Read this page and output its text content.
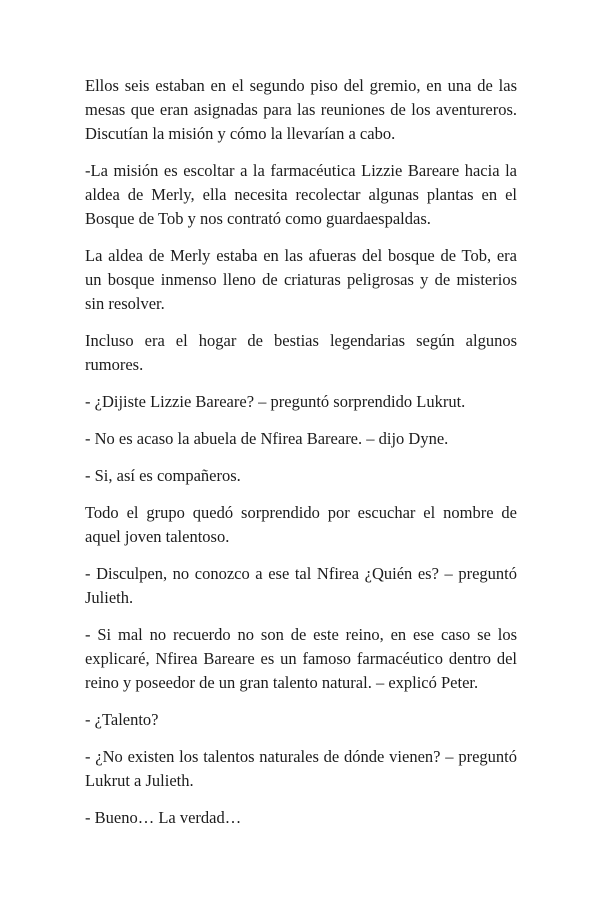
Ellos seis estaban en el segundo piso del gremio, en una de las mesas que eran asignadas para las reuniones de los aventureros. Discutían la misión y cómo la llevarían a cabo.

-La misión es escoltar a la farmacéutica Lizzie Bareare hacia la aldea de Merly, ella necesita recolectar algunas plantas en el Bosque de Tob y nos contrató como guardaespaldas.

La aldea de Merly estaba en las afueras del bosque de Tob, era un bosque inmenso lleno de criaturas peligrosas y de misterios sin resolver.

Incluso era el hogar de bestias legendarias según algunos rumores.

- ¿Dijiste Lizzie Bareare? – preguntó sorprendido Lukrut.

- No es acaso la abuela de Nfirea Bareare. – dijo Dyne.

- Si, así es compañeros.

Todo el grupo quedó sorprendido por escuchar el nombre de aquel joven talentoso.

- Disculpen, no conozco a ese tal Nfirea ¿Quién es? – preguntó Julieth.

- Si mal no recuerdo no son de este reino, en ese caso se los explicaré, Nfirea Bareare es un famoso farmacéutico dentro del reino y poseedor de un gran talento natural. – explicó Peter.

- ¿Talento?

- ¿No existen los talentos naturales de dónde vienen? – preguntó Lukrut a Julieth.

- Bueno… La verdad…
